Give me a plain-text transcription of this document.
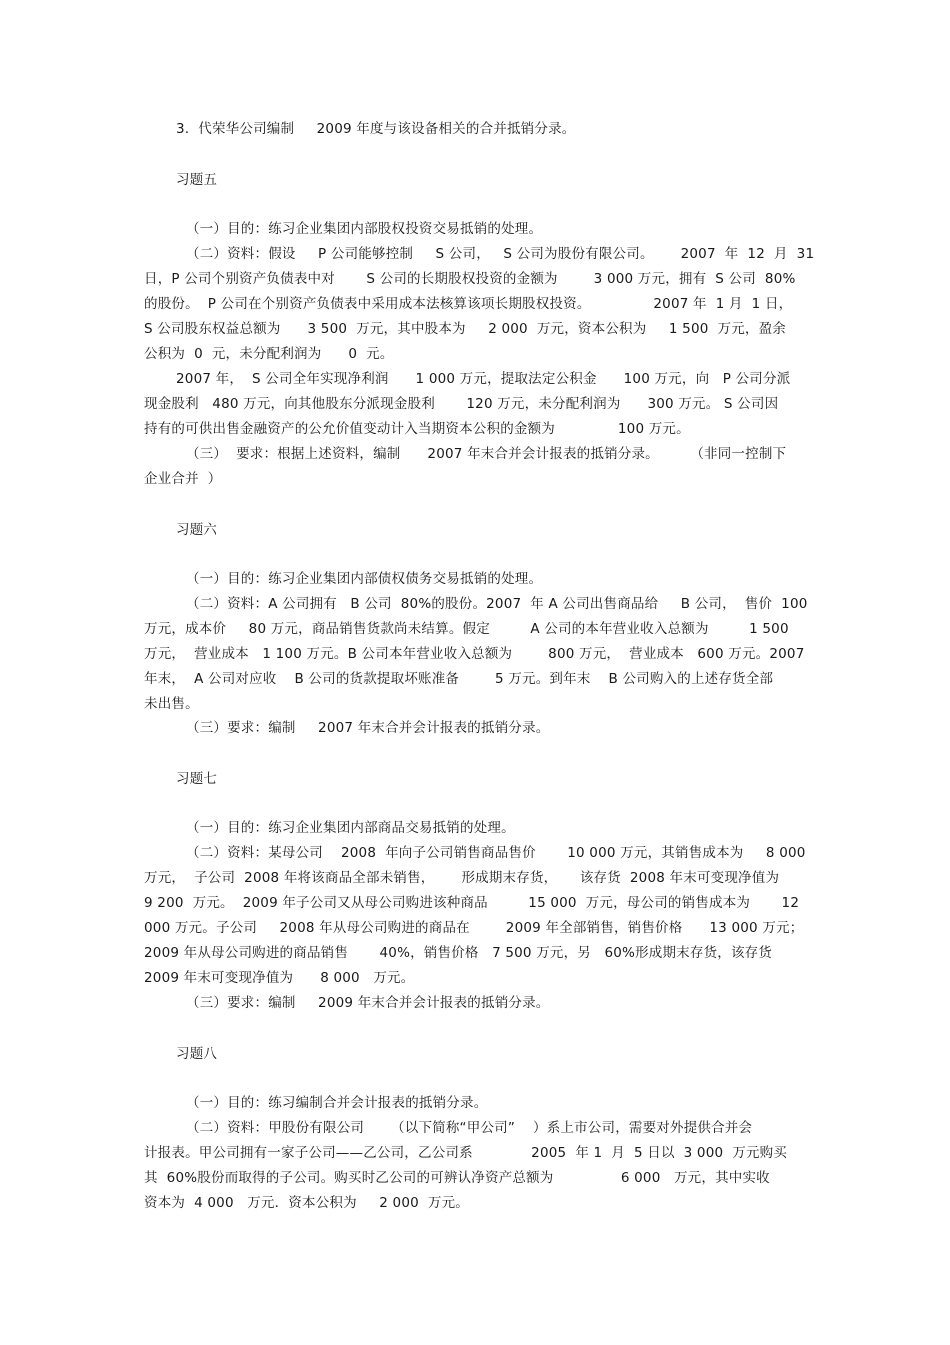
3.  代荣华公司编制     2009 年度与该设备相关的合并抵销分录。

习题五

（一）目的：练习企业集团内部股权投资交易抵销的处理。

（二）资料：假设     P 公司能够控制     S 公司，   S 公司为股份有限公司。      2007  年  12  月  31

日，P 公司个别资产负债表中对       S 公司的长期股权投资的金额为        3 000 万元，拥有  S 公司  80%

的股份。  P 公司在个别资产负债表中采用成本法核算该项长期股权投资。              2007 年  1 月  1 日，

S 公司股东权益总额为      3 500  万元，其中股本为     2 000  万元，资本公积为     1 500  万元，盈余

公积为  0  元，未分配利润为      0  元。

2007 年，  S 公司全年实现净利润      1 000 万元，提取法定公积金      100 万元，向   P 公司分派

现金股利   480 万元，向其他股东分派现金股利       120 万元，未分配利润为      300 万元。 S 公司因

持有的可供出售金融资产的公允价值变动计入当期资本公积的金额为              100 万元。

（三）  要求：根据上述资料，编制      2007 年末合并会计报表的抵销分录。       （非同一控制下

企业合并  ）

习题六

（一）目的：练习企业集团内部债权债务交易抵销的处理。

（二）资料：A 公司拥有   B 公司  80%的股份。2007  年 A 公司出售商品给     B 公司，  售价  100

万元，成本价     80 万元，商品销售货款尚未结算。假定         A 公司的本年营业收入总额为         1 500

万元，  营业成本   1 100 万元。B 公司本年营业收入总额为        800 万元，  营业成本   600 万元。2007

年末，  A 公司对应收    B 公司的货款提取坏账准备        5 万元。到年末    B 公司购入的上述存货全部

未出售。

（三）要求：编制     2007 年末合并会计报表的抵销分录。

习题七

（一）目的：练习企业集团内部商品交易抵销的处理。

（二）资料：某母公司    2008  年向子公司销售商品售价       10 000 万元，其销售成本为     8 000

万元，  子公司  2008 年将该商品全部未销售，      形成期末存货，     该存货  2008 年末可变现净值为

9 200  万元。  2009 年子公司又从母公司购进该种商品         15 000  万元，母公司的销售成本为       12

000 万元。子公司     2008 年从母公司购进的商品在        2009 年全部销售，销售价格      13 000 万元；

2009 年从母公司购进的商品销售       40%，销售价格   7 500 万元，另   60%形成期末存货，该存货

2009 年末可变现净值为      8 000   万元。

（三）要求：编制     2009 年末合并会计报表的抵销分录。

习题八

（一）目的：练习编制合并会计报表的抵销分录。

（二）资料：甲股份有限公司      （以下简称“甲公司”    ）系上市公司，需要对外提供合并会

计报表。甲公司拥有一家子公司——乙公司，乙公司系             2005  年 1  月  5 日以  3 000  万元购买

其  60%股份而取得的子公司。购买时乙公司的可辨认净资产总额为               6 000   万元，其中实收

资本为  4 000   万元．资本公积为     2 000  万元。
